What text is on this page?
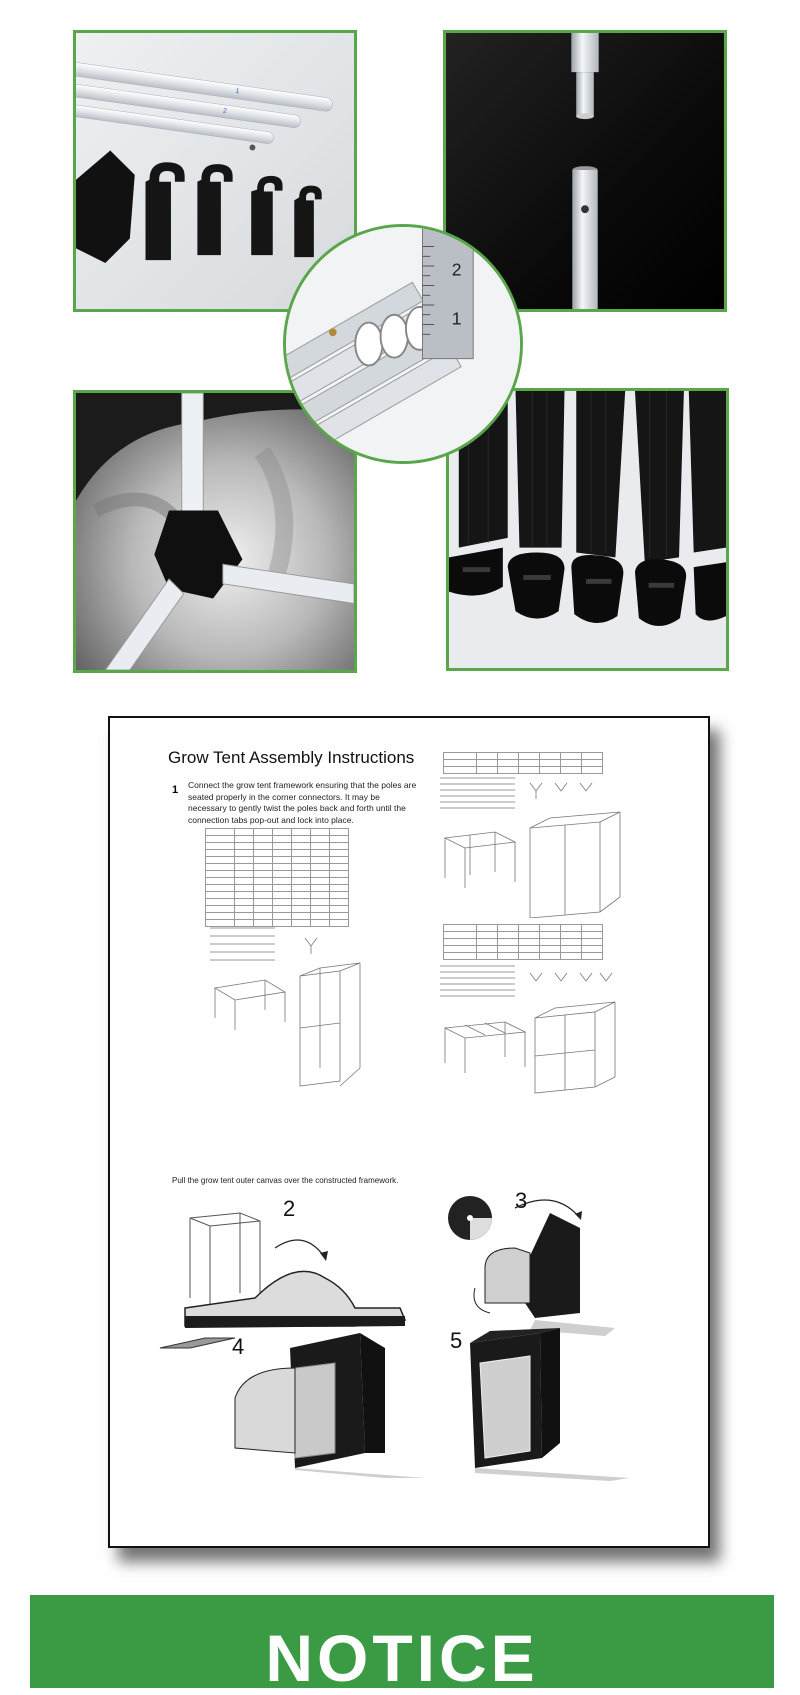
1
2
1
2
Grow Tent Assembly Instructions
1 Connect the grow tent framework ensuring that the poles are seated properly in the corner connectors. It may be necessary to gently twist the poles back and forth until the connection tabs pop-out and lock into place.

Pull the grow tent outer canvas over the constructed framework.
2	3
4	5
NOTICE
